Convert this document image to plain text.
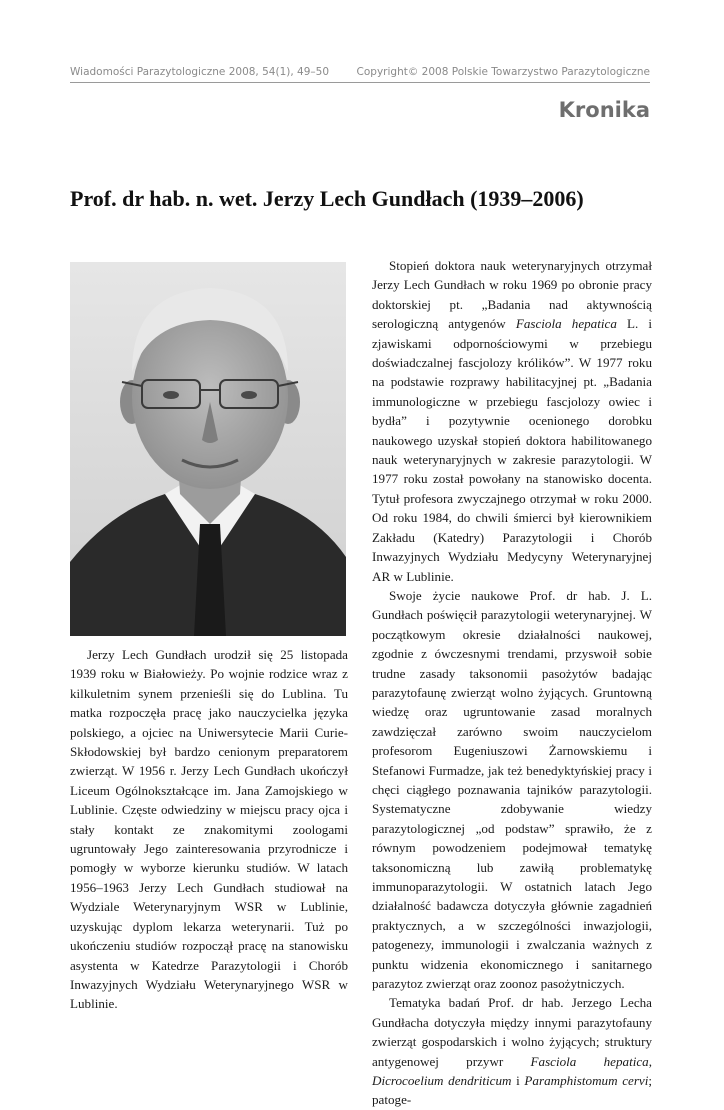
Wiadomości Parazytologiczne 2008, 54(1), 49–50	Copyright© 2008 Polskie Towarzystwo Parazytologiczne
Kronika
Prof. dr hab. n. wet. Jerzy Lech Gundłach (1939–2006)

Jerzy Lech Gundłach urodził się 25 listopada 1939 roku w Białowieży. Po wojnie rodzice wraz z kilkuletnim synem przenieśli się do Lublina. Tu matka rozpoczęła pracę jako nauczycielka języka polskiego, a ojciec na Uniwersytecie Marii Curie-Skłodowskiej był bardzo cenionym preparatorem zwierząt. W 1956 r. Jerzy Lech Gundłach ukończył Liceum Ogólnokształcące im. Jana Zamojskiego w Lublinie. Częste odwiedziny w miejscu pracy ojca i stały kontakt ze znakomitymi zoologami ugruntowały Jego zainteresowania przyrodnicze i pomogły w wyborze kierunku studiów. W latach 1956–1963 Jerzy Lech Gundłach studiował na Wydziale Weterynaryjnym WSR w Lublinie, uzyskując dyplom lekarza weterynarii. Tuż po ukończeniu studiów rozpoczął pracę na stanowisku asystenta w Katedrze Parazytologii i Chorób Inwazyjnych Wydziału Weterynaryjnego WSR w Lublinie.

Stopień doktora nauk weterynaryjnych otrzymał Jerzy Lech Gundłach w roku 1969 po obronie pracy doktorskiej pt. „Badania nad aktywnością serologiczną antygenów Fasciola hepatica L. i zjawiskami odpornościowymi w przebiegu doświadczalnej fascjolozy królików”. W 1977 roku na podstawie rozprawy habilitacyjnej pt. „Badania immunologiczne w przebiegu fascjolozy owiec i bydła” i pozytywnie ocenionego dorobku naukowego uzyskał stopień doktora habilitowanego nauk weterynaryjnych w zakresie parazytologii. W 1977 roku został powołany na stanowisko docenta. Tytuł profesora zwyczajnego otrzymał w roku 2000. Od roku 1984, do chwili śmierci był kierownikiem Zakładu (Katedry) Parazytologii i Chorób Inwazyjnych Wydziału Medycyny Weterynaryjnej AR w Lublinie.

Swoje życie naukowe Prof. dr hab. J. L. Gundłach poświęcił parazytologii weterynaryjnej. W początkowym okresie działalności naukowej, zgodnie z ówczesnymi trendami, przyswoił sobie trudne zasady taksonomii pasożytów badając parazytofaunę zwierząt wolno żyjących. Gruntowną wiedzę oraz ugruntowanie zasad moralnych zawdzięczał zarówno swoim nauczycielom profesorom Eugeniuszowi Żarnowskiemu i Stefanowi Furmadze, jak też benedyktyńskiej pracy i chęci ciągłego poznawania tajników parazytologii. Systematyczne zdobywanie wiedzy parazytologicznej „od podstaw” sprawiło, że z równym powodzeniem podejmował tematykę taksonomiczną lub zawiłą problematykę immunoparazytologii. W ostatnich latach Jego działalność badawcza dotyczyła głównie zagadnień praktycznych, a w szczególności inwazjologii, patogenezy, immunologii i zwalczania ważnych z punktu widzenia ekonomicznego i sanitarnego parazytoz zwierząt oraz zoonoz pasożytniczych.

Tematyka badań Prof. dr hab. Jerzego Lecha Gundłacha dotyczyła między innymi parazytofauny zwierząt gospodarskich i wolno żyjących; struktury antygenowej przywr Fasciola hepatica, Dicrocoelium dendriticum i Paramphistomum cervi; patoge-
